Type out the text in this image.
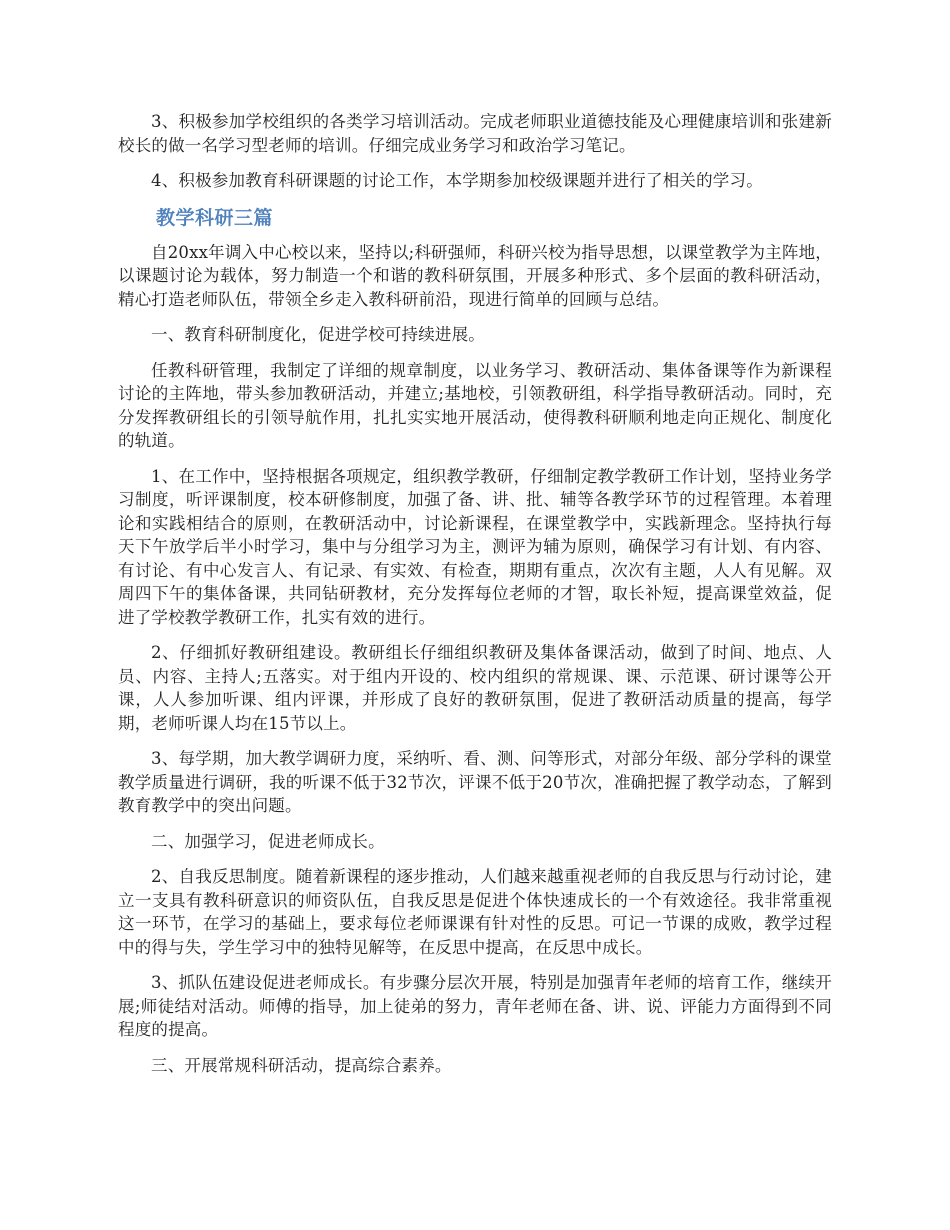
3、积极参加学校组织的各类学习培训活动。完成老师职业道德技能及心理健康培训和张建新校长的做一名学习型老师的培训。仔细完成业务学习和政治学习笔记。

4、积极参加教育科研课题的讨论工作，本学期参加校级课题并进行了相关的学习。

教学科研三篇

自20xx年调入中心校以来，坚持以;科研强师，科研兴校为指导思想，以课堂教学为主阵地，以课题讨论为载体，努力制造一个和谐的教科研氛围，开展多种形式、多个层面的教科研活动，精心打造老师队伍，带领全乡走入教科研前沿，现进行简单的回顾与总结。

一、教育科研制度化，促进学校可持续进展。

任教科研管理，我制定了详细的规章制度，以业务学习、教研活动、集体备课等作为新课程讨论的主阵地，带头参加教研活动，并建立;基地校，引领教研组，科学指导教研活动。同时，充分发挥教研组长的引领导航作用，扎扎实实地开展活动，使得教科研顺利地走向正规化、制度化的轨道。

1、在工作中，坚持根据各项规定，组织教学教研，仔细制定教学教研工作计划，坚持业务学习制度，听评课制度，校本研修制度，加强了备、讲、批、辅等各教学环节的过程管理。本着理论和实践相结合的原则，在教研活动中，讨论新课程，在课堂教学中，实践新理念。坚持执行每天下午放学后半小时学习，集中与分组学习为主，测评为辅为原则，确保学习有计划、有内容、有讨论、有中心发言人、有记录、有实效、有检查，期期有重点，次次有主题，人人有见解。双周四下午的集体备课，共同钻研教材，充分发挥每位老师的才智，取长补短，提高课堂效益，促进了学校教学教研工作，扎实有效的进行。

2、仔细抓好教研组建设。教研组长仔细组织教研及集体备课活动，做到了时间、地点、人员、内容、主持人;五落实。对于组内开设的、校内组织的常规课、课、示范课、研讨课等公开课，人人参加听课、组内评课，并形成了良好的教研氛围，促进了教研活动质量的提高，每学期，老师听课人均在15节以上。

3、每学期，加大教学调研力度，采纳听、看、测、问等形式，对部分年级、部分学科的课堂教学质量进行调研，我的听课不低于32节次，评课不低于20节次，准确把握了教学动态，了解到教育教学中的突出问题。

二、加强学习，促进老师成长。

2、自我反思制度。随着新课程的逐步推动，人们越来越重视老师的自我反思与行动讨论，建立一支具有教科研意识的师资队伍，自我反思是促进个体快速成长的一个有效途径。我非常重视这一环节，在学习的基础上，要求每位老师课课有针对性的反思。可记一节课的成败，教学过程中的得与失，学生学习中的独特见解等，在反思中提高，在反思中成长。

3、抓队伍建设促进老师成长。有步骤分层次开展，特别是加强青年老师的培育工作，继续开展;师徒结对活动。师傅的指导，加上徒弟的努力，青年老师在备、讲、说、评能力方面得到不同程度的提高。

三、开展常规科研活动，提高综合素养。
